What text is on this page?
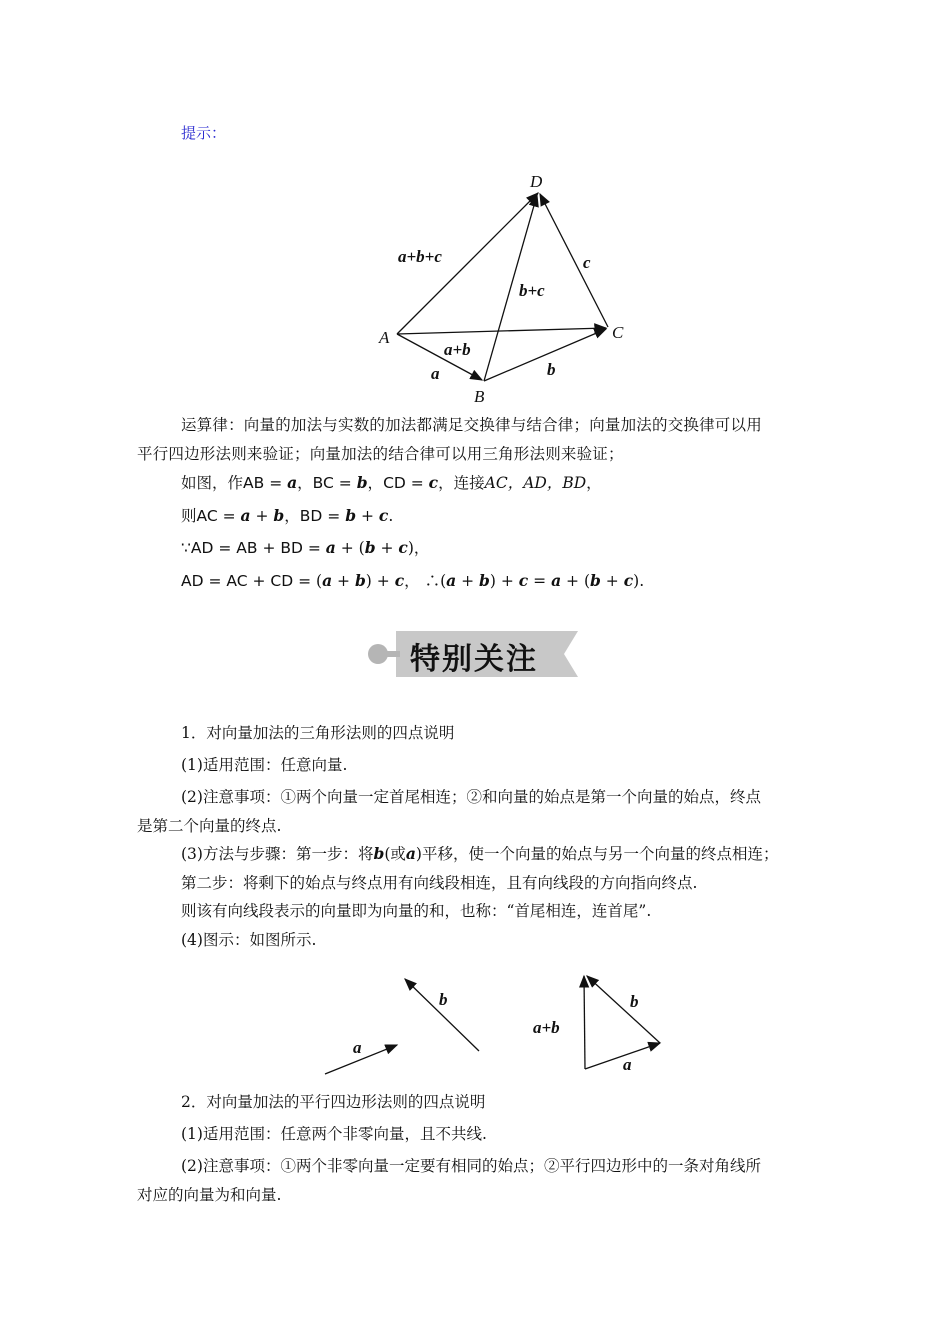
提示：
D
A
B
C
a+b+c	c
b+c
a+b
a	b
运算律：向量的加法与实数的加法都满足交换律与结合律；向量加法的交换律可以用
平行四边形法则来验证；向量加法的结合律可以用三角形法则来验证；
如图，作AB = a，BC = b，CD = c，连接AC，AD，BD，
则AC = a + b，BD = b + c.
∵AD = AB + BD = a + (b + c)，
AD = AC + CD = (a + b) + c， ∴(a + b) + c = a + (b + c).
特别关注
1．对向量加法的三角形法则的四点说明
(1)适用范围：任意向量.
(2)注意事项：①两个向量一定首尾相连；②和向量的始点是第一个向量的始点，终点
是第二个向量的终点.
(3)方法与步骤：第一步：将b(或a)平移，使一个向量的始点与另一个向量的终点相连；
第二步：将剩下的始点与终点用有向线段相连，且有向线段的方向指向终点.
则该有向线段表示的向量即为向量的和，也称：“首尾相连，连首尾”.
(4)图示：如图所示.
a
b
a+b
b
a
2．对向量加法的平行四边形法则的四点说明
(1)适用范围：任意两个非零向量，且不共线.
(2)注意事项：①两个非零向量一定要有相同的始点；②平行四边形中的一条对角线所
对应的向量为和向量.
